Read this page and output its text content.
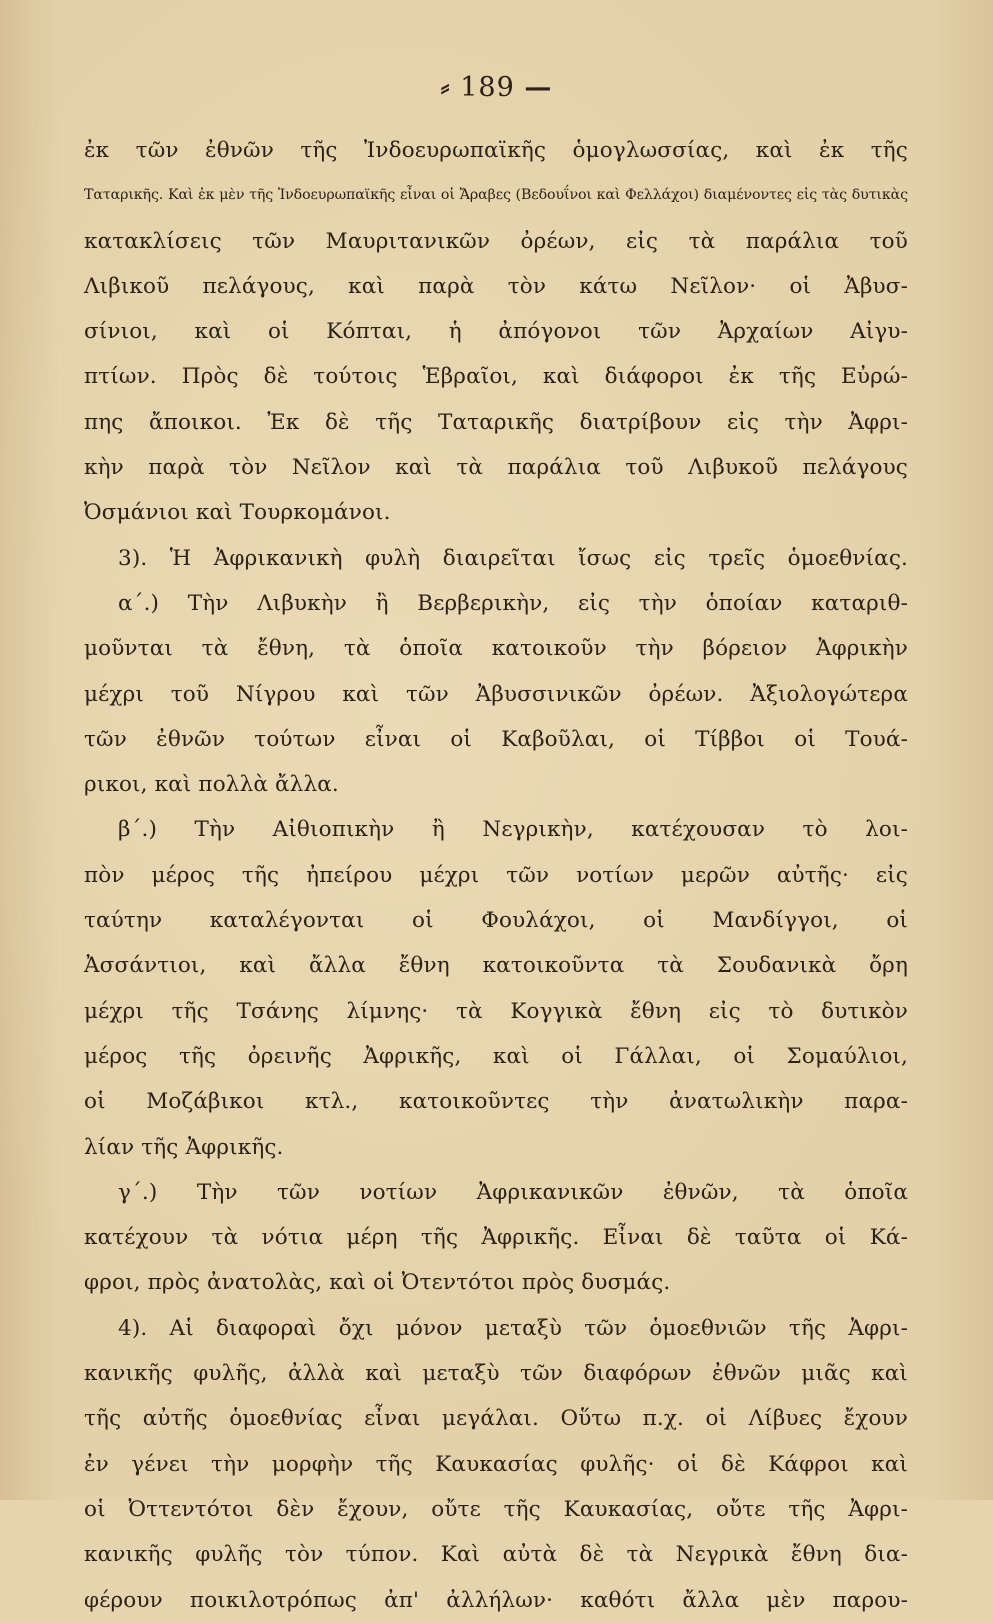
⸗ 189 —
ἐκ τῶν ἐθνῶν τῆς Ἰνδοευρωπαϊκῆς ὁμογλωσσίας, καὶ ἐκ τῆς
Ταταρικῆς. Καὶ ἐκ μὲν τῆς Ἰνδοευρωπαϊκῆς εἶναι οἱ Ἄραβες (Βεδουΐνοι καὶ Φελλάχοι) διαμένοντες εἰς τὰς δυτικὰς
κατακλίσεις τῶν Μαυριτανικῶν ὀρέων, εἰς τὰ παράλια τοῦ
Λιβικοῦ πελάγους, καὶ παρὰ τὸν κάτω Νεῖλον· οἱ Ἀβυσ-
σίνιοι, καὶ οἱ Κόπται, ἡ ἀπόγονοι τῶν Ἀρχαίων Αἰγυ-
πτίων. Πρὸς δὲ τούτοις Ἑβραῖοι, καὶ διάφοροι ἐκ τῆς Εὐρώ-
πης ἄποικοι. Ἐκ δὲ τῆς Ταταρικῆς διατρίβουν εἰς τὴν Ἀφρι-
κὴν παρὰ τὸν Νεῖλον καὶ τὰ παράλια τοῦ Λιβυκοῦ πελάγους
Ὀσμάνιοι καὶ Τουρκομάνοι.
3). Ἡ Ἀφρικανικὴ φυλὴ διαιρεῖται ἴσως εἰς τρεῖς ὁμοεθνίας.
α΄.) Τὴν Λιβυκὴν ἢ Βερβερικὴν, εἰς τὴν ὁποίαν καταριθ-
μοῦνται τὰ ἔθνη, τὰ ὁποῖα κατοικοῦν τὴν βόρειον Ἀφρικὴν
μέχρι τοῦ Νίγρου καὶ τῶν Ἀβυσσινικῶν ὀρέων. Ἀξιολογώτερα
τῶν ἐθνῶν τούτων εἶναι οἱ Καβοῦλαι, οἱ Τίββοι οἱ Τουά-
ρικοι, καὶ πολλὰ ἄλλα.
β΄.) Τὴν Αἰθιοπικὴν ἢ Νεγρικὴν, κατέχουσαν τὸ λοι-
πὸν μέρος τῆς ἠπείρου μέχρι τῶν νοτίων μερῶν αὐτῆς· εἰς
ταύτην καταλέγονται οἱ Φουλάχοι, οἱ Μανδίγγοι, οἱ
Ἀσσάντιοι, καὶ ἄλλα ἔθνη κατοικοῦντα τὰ Σουδανικὰ ὄρη
μέχρι τῆς Τσάνης λίμνης· τὰ Κογγικὰ ἔθνη εἰς τὸ δυτικὸν
μέρος τῆς ὀρεινῆς Ἀφρικῆς, καὶ οἱ Γάλλαι, οἱ Σομαύλιοι,
οἱ Μοζάβικοι κτλ., κατοικοῦντες τὴν ἀνατωλικὴν παρα-
λίαν τῆς Ἀφρικῆς.
γ΄.) Τὴν τῶν νοτίων Ἀφρικανικῶν ἐθνῶν, τὰ ὁποῖα
κατέχουν τὰ νότια μέρη τῆς Ἀφρικῆς. Εἶναι δὲ ταῦτα οἱ Κά-
φροι, πρὸς ἀνατολὰς, καὶ οἱ Ὀτεντότοι πρὸς δυσμάς.
4). Αἱ διαφοραὶ ὄχι μόνον μεταξὺ τῶν ὁμοεθνιῶν τῆς Ἀφρι-
κανικῆς φυλῆς, ἀλλὰ καὶ μεταξὺ τῶν διαφόρων ἐθνῶν μιᾶς καὶ
τῆς αὐτῆς ὁμοεθνίας εἶναι μεγάλαι. Οὕτω π.χ. οἱ Λίβυες ἔχουν
ἐν γένει τὴν μορφὴν τῆς Καυκασίας φυλῆς· οἱ δὲ Κάφροι καὶ
οἱ Ὀττεντότοι δὲν ἔχουν, οὔτε τῆς Καυκασίας, οὔτε τῆς Ἀφρι-
κανικῆς φυλῆς τὸν τύπον. Καὶ αὐτὰ δὲ τὰ Νεγρικὰ ἔθνη δια-
φέρουν ποικιλοτρόπως ἀπ' ἀλλήλων· καθότι ἄλλα μὲν παρου-
